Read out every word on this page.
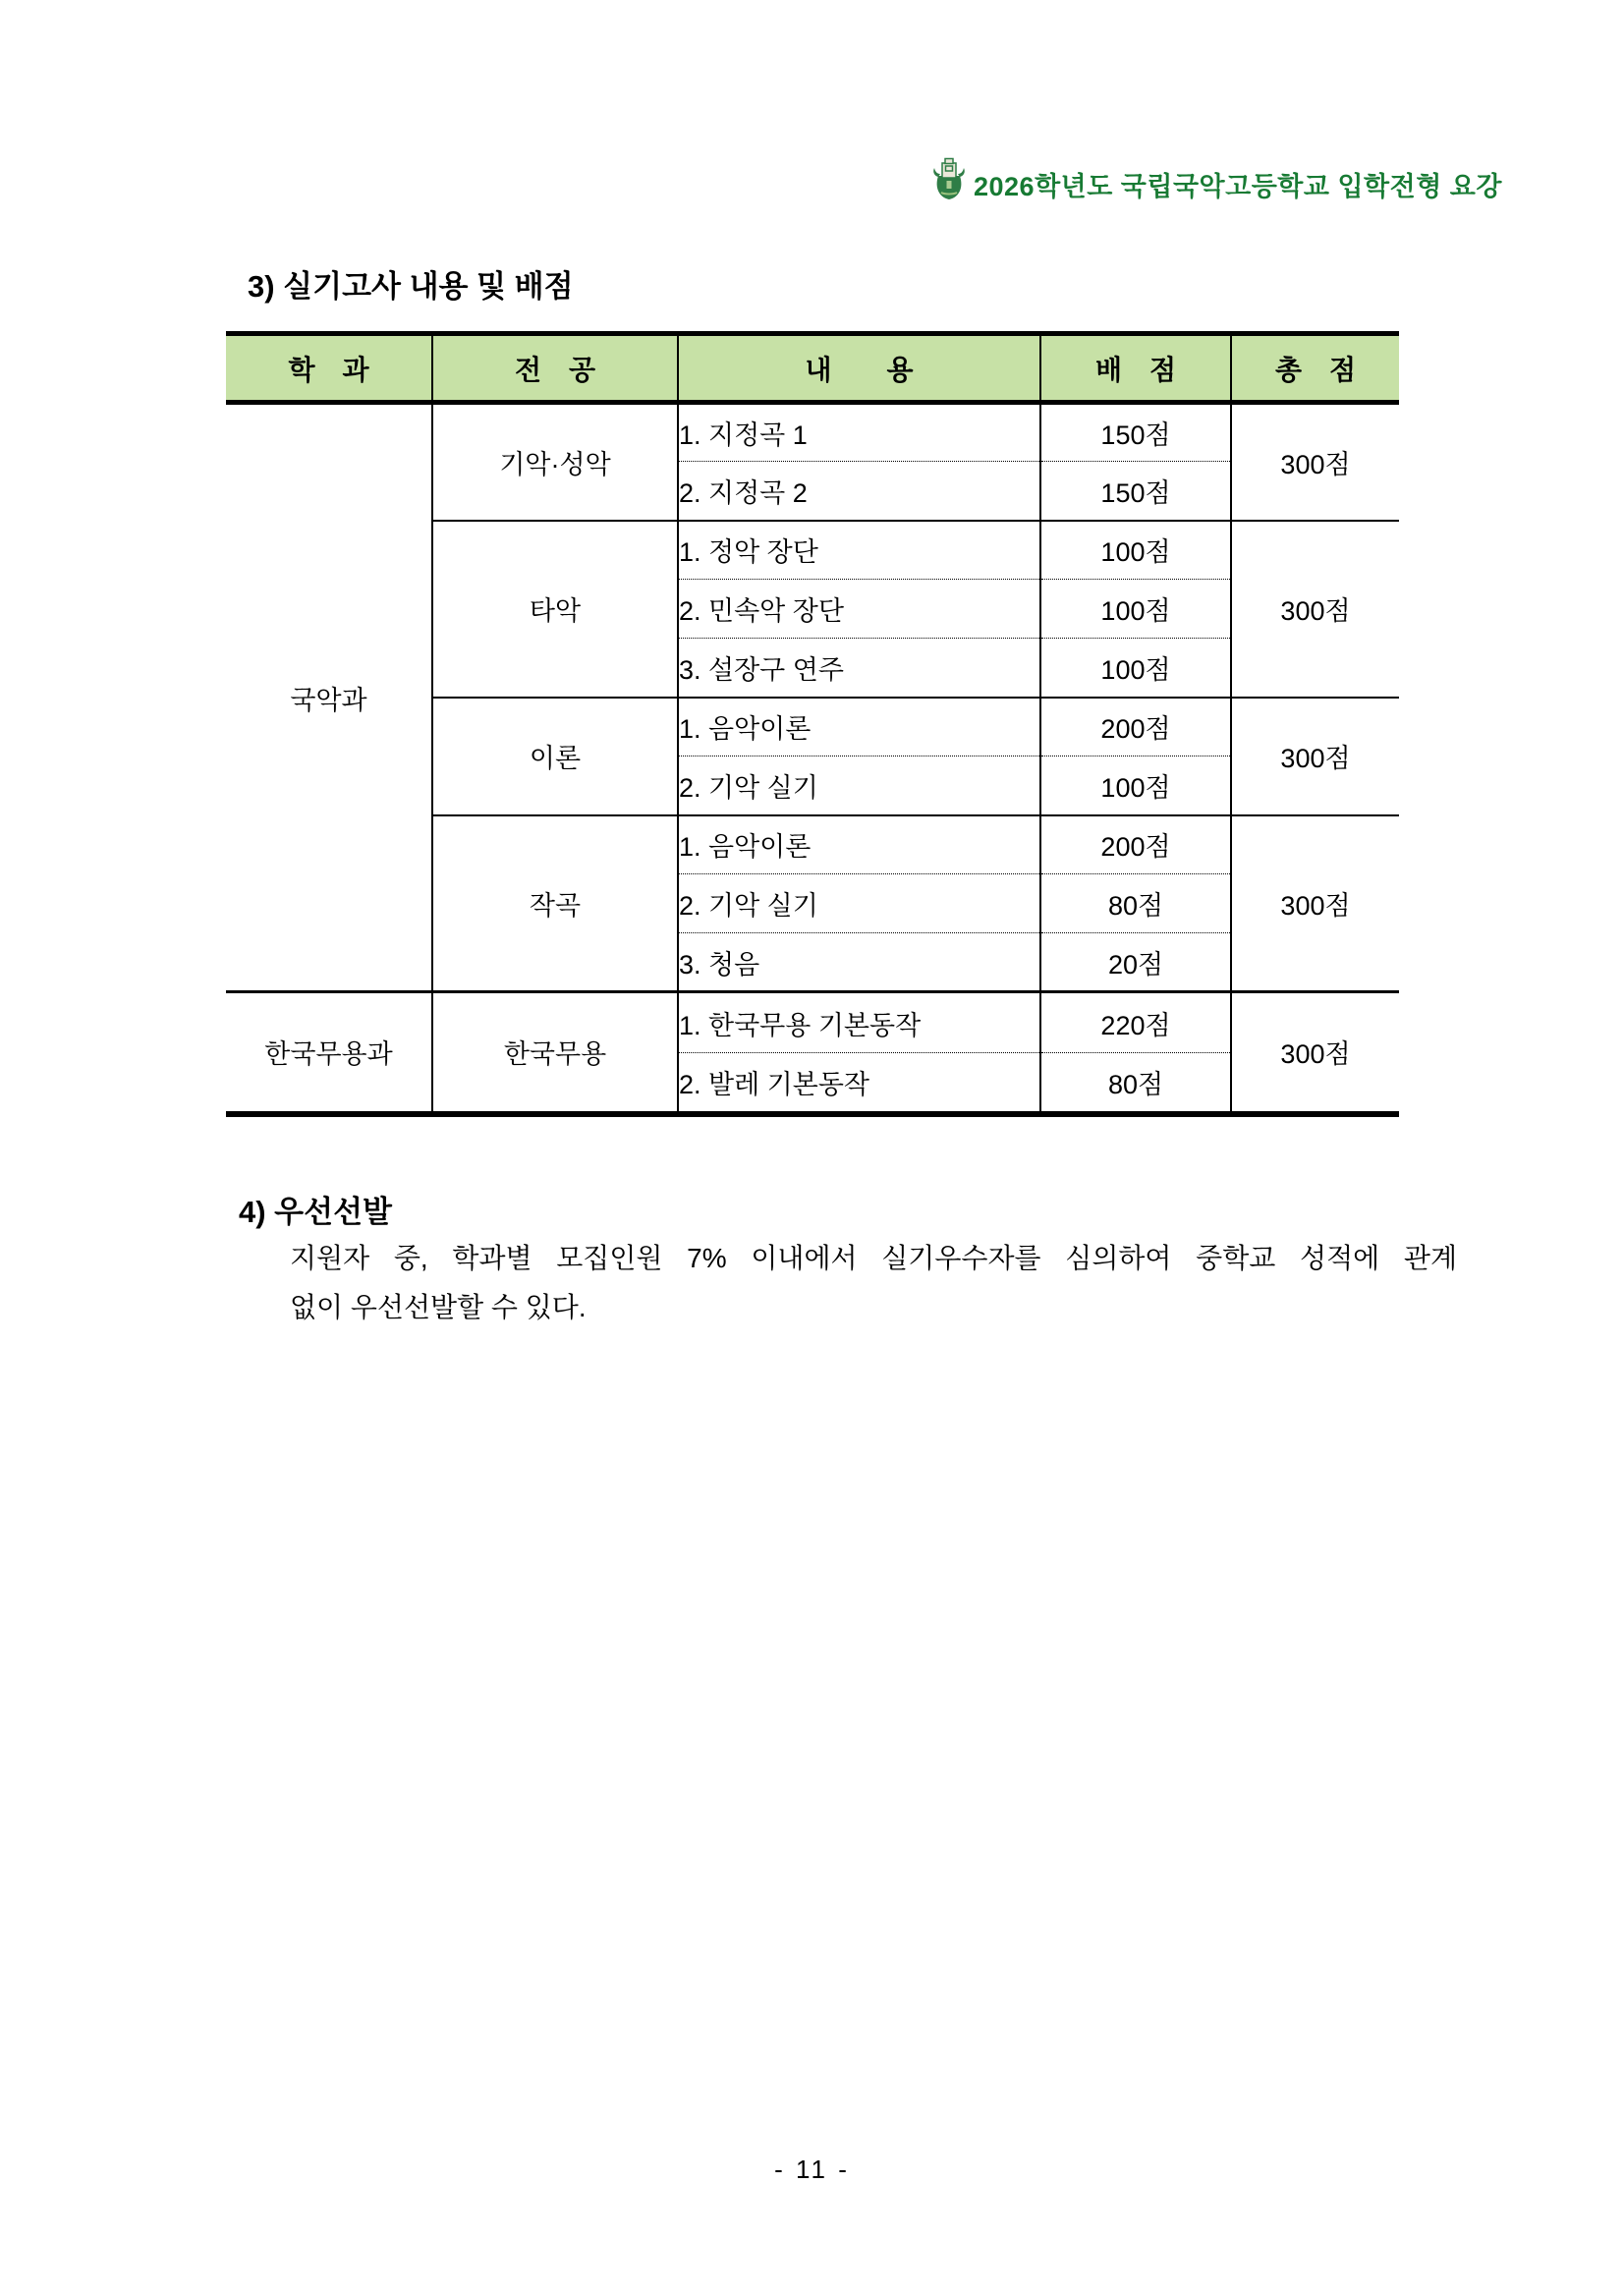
2026학년도 국립국악고등학교 입학전형 요강
3) 실기고사 내용 및 배점
학　과	전　공	내　　용	배　점	총　점
국악과	기악·성악	1. 지정곡 1	150점	300점
		2. 지정곡 2	150점	
	타악	1. 정악 장단	100점	300점
		2. 민속악 장단	100점	
		3. 설장구 연주	100점	
	이론	1. 음악이론	200점	300점
		2. 기악 실기	100점	
	작곡	1. 음악이론	200점	300점
		2. 기악 실기	80점	
		3. 청음	20점	
한국무용과	한국무용	1. 한국무용 기본동작	220점	300점
		2. 발레 기본동작	80점	
4) 우선선발
지원자 중, 학과별 모집인원 7% 이내에서 실기우수자를 심의하여 중학교 성적에 관계
없이 우선선발할 수 있다.
- 11 -
